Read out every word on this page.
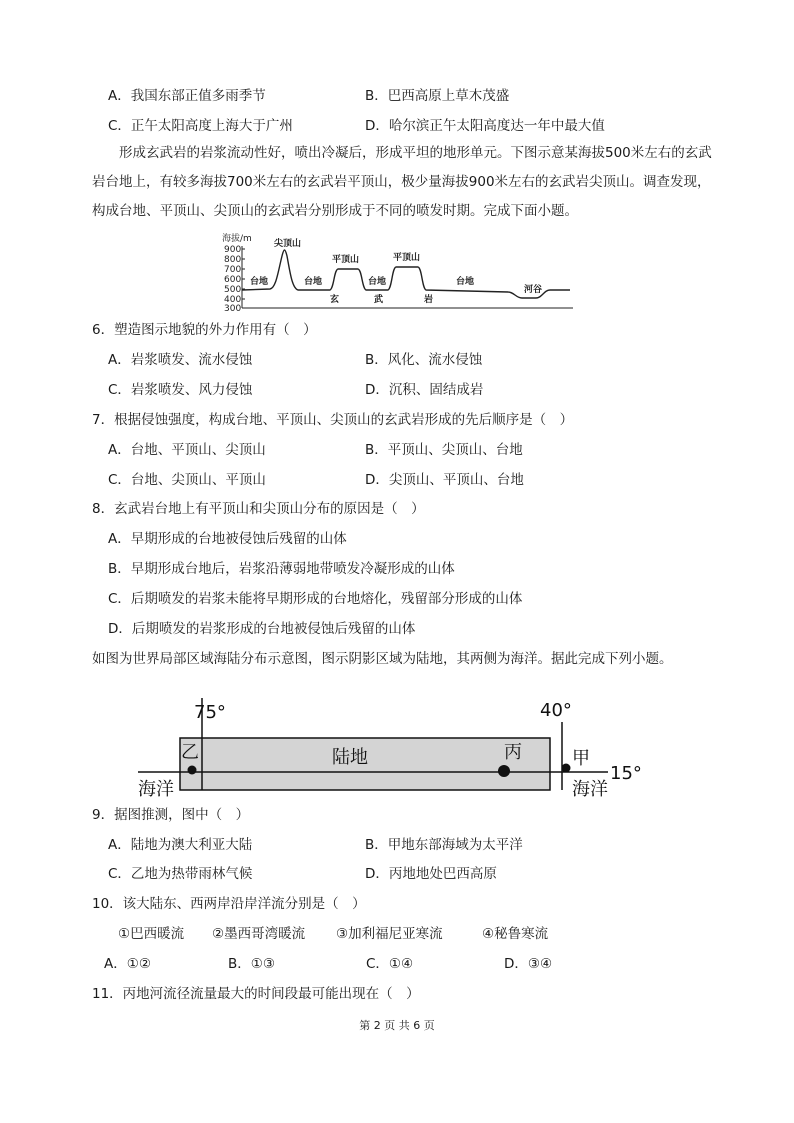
A．我国东部正值多雨季节	B．巴西高原上草木茂盛
C．正午太阳高度上海大于广州	D．哈尔滨正午太阳高度达一年中最大值
形成玄武岩的岩浆流动性好，喷出冷凝后，形成平坦的地形单元。下图示意某海拔500米左右的玄武岩台地上，有较多海拔700米左右的玄武岩平顶山，极少量海拔900米左右的玄武岩尖顶山。调查发现，构成台地、平顶山、尖顶山的玄武岩分别形成于不同的喷发时期。完成下面小题。
海拔/m
900
800
700
600
500
400
300
尖顶山
平顶山	平顶山
台地	台地	台地	台地
河谷
玄	武	岩
6．塑造图示地貌的外力作用有（　）
A．岩浆喷发、流水侵蚀	B．风化、流水侵蚀
C．岩浆喷发、风力侵蚀	D．沉积、固结成岩
7．根据侵蚀强度，构成台地、平顶山、尖顶山的玄武岩形成的先后顺序是（　）
A．台地、平顶山、尖顶山	B．平顶山、尖顶山、台地
C．台地、尖顶山、平顶山	D．尖顶山、平顶山、台地
8．玄武岩台地上有平顶山和尖顶山分布的原因是（　）
A．早期形成的台地被侵蚀后残留的山体
B．早期形成台地后，岩浆沿薄弱地带喷发冷凝形成的山体
C．后期喷发的岩浆未能将早期形成的台地熔化，残留部分形成的山体
D．后期喷发的岩浆形成的台地被侵蚀后残留的山体
如图为世界局部区域海陆分布示意图，图示阴影区域为陆地，其两侧为海洋。据此完成下列小题。
75°	40°
15°
陆地
乙	丙	甲
海洋	海洋
9．据图推测，图中（　）
A．陆地为澳大利亚大陆	B．甲地东部海域为太平洋
C．乙地为热带雨林气候	D．丙地地处巴西高原
10．该大陆东、西两岸沿岸洋流分别是（　）
①巴西暖流 ②墨西哥湾暖流 ③加利福尼亚寒流	④秘鲁寒流
A．①②	B．①③	C．①④	D．③④
11．丙地河流径流量最大的时间段最可能出现在（　）
第 2 页 共 6 页
